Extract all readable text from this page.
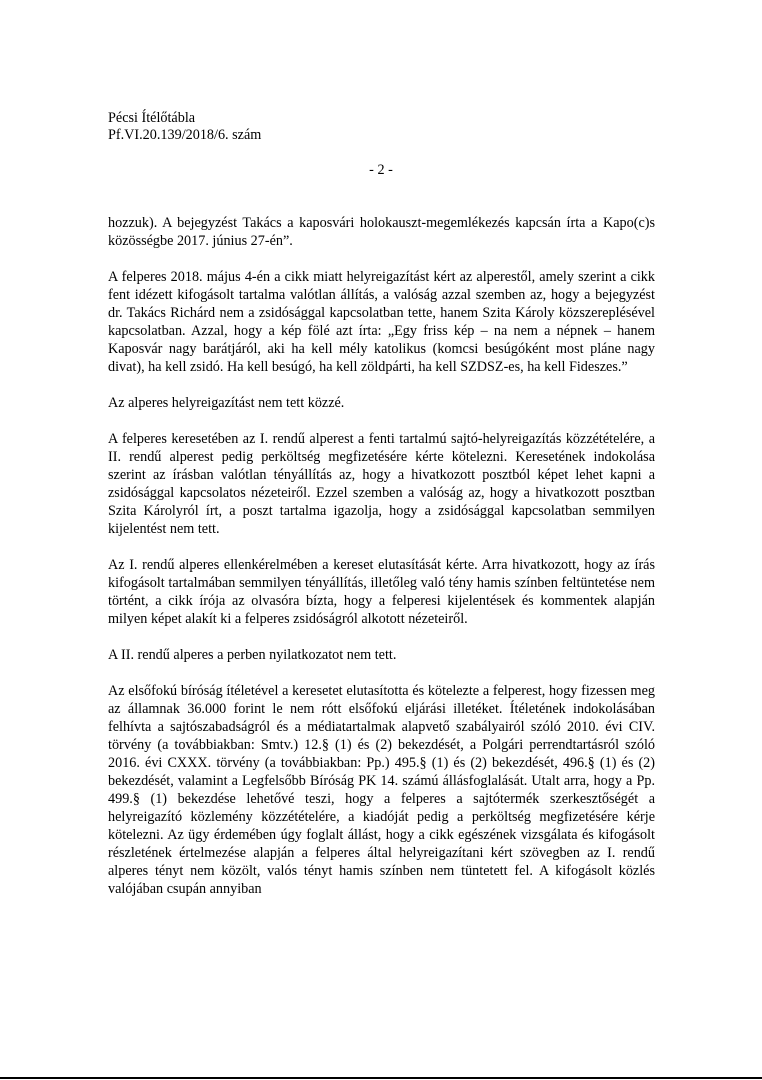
Pécsi Ítélőtábla
Pf.VI.20.139/2018/6. szám
- 2 -

hozzuk). A bejegyzést Takács a kaposvári holokauszt-megemlékezés kapcsán írta a Kapo(c)s közösségbe 2017. június 27-én”.

A felperes 2018. május 4-én a cikk miatt helyreigazítást kért az alperestől, amely szerint a cikk fent idézett kifogásolt tartalma valótlan állítás, a valóság azzal szemben az, hogy a bejegyzést dr. Takács Richárd nem a zsidósággal kapcsolatban tette, hanem Szita Károly közszereplésével kapcsolatban. Azzal, hogy a kép fölé azt írta: „Egy friss kép – na nem a népnek – hanem Kaposvár nagy barátjáról, aki ha kell mély katolikus (komcsi besúgóként most pláne nagy divat), ha kell zsidó. Ha kell besúgó, ha kell zöldpárti, ha kell SZDSZ-es, ha kell Fideszes.”

Az alperes helyreigazítást nem tett közzé.

A felperes keresetében az I. rendű alperest a fenti tartalmú sajtó-helyreigazítás közzétételére, a II. rendű alperest pedig perköltség megfizetésére kérte kötelezni. Keresetének indokolása szerint az írásban valótlan tényállítás az, hogy a hivatkozott posztból képet lehet kapni a zsidósággal kapcsolatos nézeteiről. Ezzel szemben a valóság az, hogy a hivatkozott posztban Szita Károlyról írt, a poszt tartalma igazolja, hogy a zsidósággal kapcsolatban semmilyen kijelentést nem tett.

Az I. rendű alperes ellenkérelmében a kereset elutasítását kérte. Arra hivatkozott, hogy az írás kifogásolt tartalmában semmilyen tényállítás, illetőleg való tény hamis színben feltüntetése nem történt, a cikk írója az olvasóra bízta, hogy a felperesi kijelentések és kommentek alapján milyen képet alakít ki a felperes zsidóságról alkotott nézeteiről.

A II. rendű alperes a perben nyilatkozatot nem tett.

Az elsőfokú bíróság ítéletével a keresetet elutasította és kötelezte a felperest, hogy fizessen meg az államnak 36.000 forint le nem rótt elsőfokú eljárási illetéket. Ítéletének indokolásában felhívta a sajtószabadságról és a médiatartalmak alapvető szabályairól szóló 2010. évi CIV. törvény (a továbbiakban: Smtv.) 12.§ (1) és (2) bekezdését, a Polgári perrendtartásról szóló 2016. évi CXXX. törvény (a továbbiakban: Pp.) 495.§ (1) és (2) bekezdését, 496.§ (1) és (2) bekezdését, valamint a Legfelsőbb Bíróság PK 14. számú állásfoglalását. Utalt arra, hogy a Pp. 499.§ (1) bekezdése lehetővé teszi, hogy a felperes a sajtótermék szerkesztőségét a helyreigazító közlemény közzétételére, a kiadóját pedig a perköltség megfizetésére kérje kötelezni. Az ügy érdemében úgy foglalt állást, hogy a cikk egészének vizsgálata és kifogásolt részletének értelmezése alapján a felperes által helyreigazítani kért szövegben az I. rendű alperes tényt nem közölt, valós tényt hamis színben nem tüntetett fel. A kifogásolt közlés valójában csupán annyiban
